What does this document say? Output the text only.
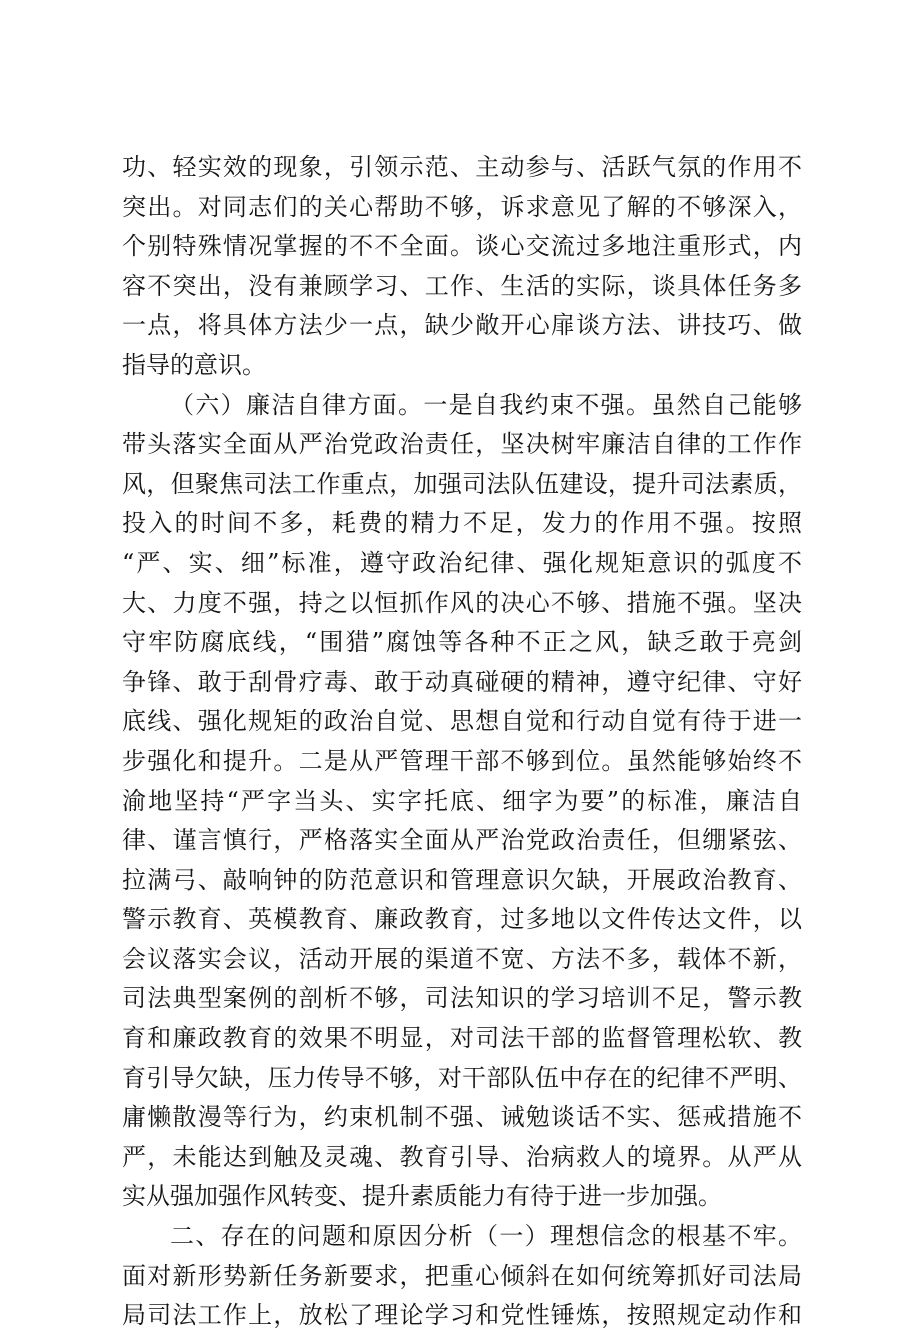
功、轻实效的现象，引领示范、主动参与、活跃气氛的作用不
突出。对同志们的关心帮助不够，诉求意见了解的不够深入，
个别特殊情况掌握的不不全面。谈心交流过多地注重形式，内
容不突出，没有兼顾学习、工作、生活的实际，谈具体任务多
一点，将具体方法少一点，缺少敞开心扉谈方法、讲技巧、做
指导的意识。
（六）廉洁自律方面。一是自我约束不强。虽然自己能够
带头落实全面从严治党政治责任，坚决树牢廉洁自律的工作作
风，但聚焦司法工作重点，加强司法队伍建设，提升司法素质，
投入的时间不多，耗费的精力不足，发力的作用不强。按照
“严、实、细”标准，遵守政治纪律、强化规矩意识的弧度不
大、力度不强，持之以恒抓作风的决心不够、措施不强。坚决
守牢防腐底线，“围猎”腐蚀等各种不正之风，缺乏敢于亮剑
争锋、敢于刮骨疗毒、敢于动真碰硬的精神，遵守纪律、守好
底线、强化规矩的政治自觉、思想自觉和行动自觉有待于进一
步强化和提升。二是从严管理干部不够到位。虽然能够始终不
渝地坚持“严字当头、实字托底、细字为要”的标准，廉洁自
律、谨言慎行，严格落实全面从严治党政治责任，但绷紧弦、
拉满弓、敲响钟的防范意识和管理意识欠缺，开展政治教育、
警示教育、英模教育、廉政教育，过多地以文件传达文件，以
会议落实会议，活动开展的渠道不宽、方法不多，载体不新，
司法典型案例的剖析不够，司法知识的学习培训不足，警示教
育和廉政教育的效果不明显，对司法干部的监督管理松软、教
育引导欠缺，压力传导不够，对干部队伍中存在的纪律不严明、
庸懒散漫等行为，约束机制不强、诫勉谈话不实、惩戒措施不
严，未能达到触及灵魂、教育引导、治病救人的境界。从严从
实从强加强作风转变、提升素质能力有待于进一步加强。
二、存在的问题和原因分析（一）理想信念的根基不牢。
面对新形势新任务新要求，把重心倾斜在如何统筹抓好司法局
局司法工作上，放松了理论学习和党性锤炼，按照规定动作和
